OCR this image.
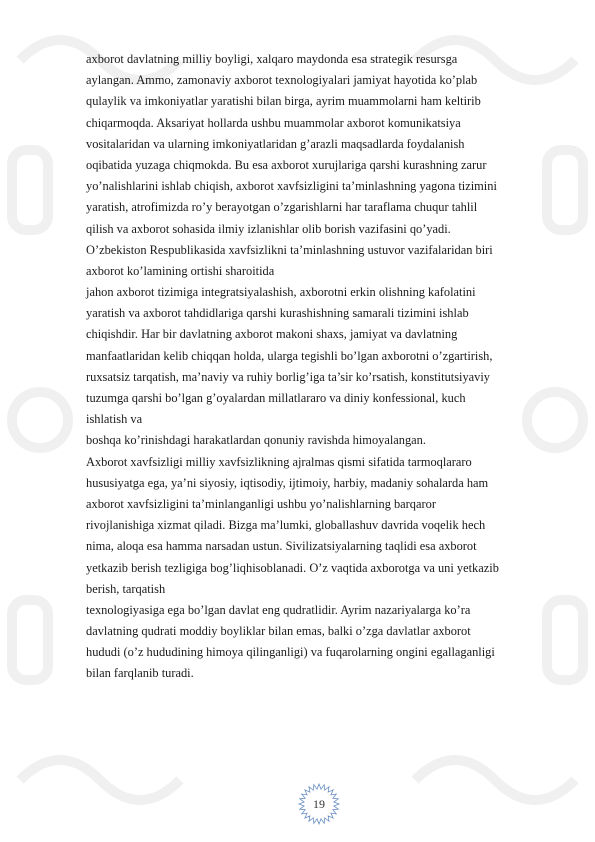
axborot davlatning milliy boyligi, xalqaro maydonda esa strategik resursga
aylangan. Ammo, zamonaviy axborot texnologiyalari jamiyat hayotida ko’plab
qulaylik va imkoniyatlar yaratishi bilan birga, ayrim muammolarni ham keltirib
chiqarmoqda. Aksariyat hollarda ushbu muammolar axborot komunikatsiya
vositalaridan va ularning imkoniyatlaridan g’arazli maqsadlarda foydalanish
oqibatida yuzaga chiqmokda. Bu esa axborot xurujlariga qarshi kurashning zarur
yo’nalishlarini ishlab chiqish, axborot xavfsizligini ta’minlashning yagona tizimini
yaratish, atrofimizda ro’y berayotgan o’zgarishlarni har taraflama chuqur tahlil
qilish va axborot sohasida ilmiy izlanishlar olib borish vazifasini qo’yadi.
O’zbekiston Respublikasida xavfsizlikni ta’minlashning ustuvor vazifalaridan biri
axborot ko’lamining ortishi sharoitida
jahon axborot tizimiga integratsiyalashish, axborotni erkin olishning kafolatini
yaratish va axborot tahdidlariga qarshi kurashishning samarali tizimini ishlab
chiqishdir. Har bir davlatning axborot makoni shaxs, jamiyat va davlatning
manfaatlaridan kelib chiqqan holda, ularga tegishli bo’lgan axborotni o’zgartirish,
ruxsatsiz tarqatish, ma’naviy va ruhiy borlig’iga ta’sir ko’rsatish, konstitutsiyaviy
tuzumga qarshi bo’lgan g’oyalardan millatlararo va diniy konfessional, kuch
ishlatish va
boshqa ko’rinishdagi harakatlardan qonuniy ravishda himoyalangan.
Axborot xavfsizligi milliy xavfsizlikning ajralmas qismi sifatida tarmoqlararo
hususiyatga ega, ya’ni siyosiy, iqtisodiy, ijtimoiy, harbiy, madaniy sohalarda ham
axborot xavfsizligini ta’minlanganligi ushbu yo’nalishlarning barqaror
rivojlanishiga xizmat qiladi. Bizga ma’lumki, globallashuv davrida voqelik hech
nima, aloqa esa hamma narsadan ustun. Sivilizatsiyalarning taqlidi esa axborot
yetkazib berish tezligiga bog’liqhisoblanadi. O’z vaqtida axborotga va uni yetkazib
berish, tarqatish
texnologiyasiga ega bo’lgan davlat eng qudratlidir. Ayrim nazariyalarga ko’ra
davlatning qudrati moddiy boyliklar bilan emas, balki o’zga davlatlar axborot
hududi (o’z hududining himoya qilinganligi) va fuqarolarning ongini egallaganligi
bilan farqlanib turadi.
19
